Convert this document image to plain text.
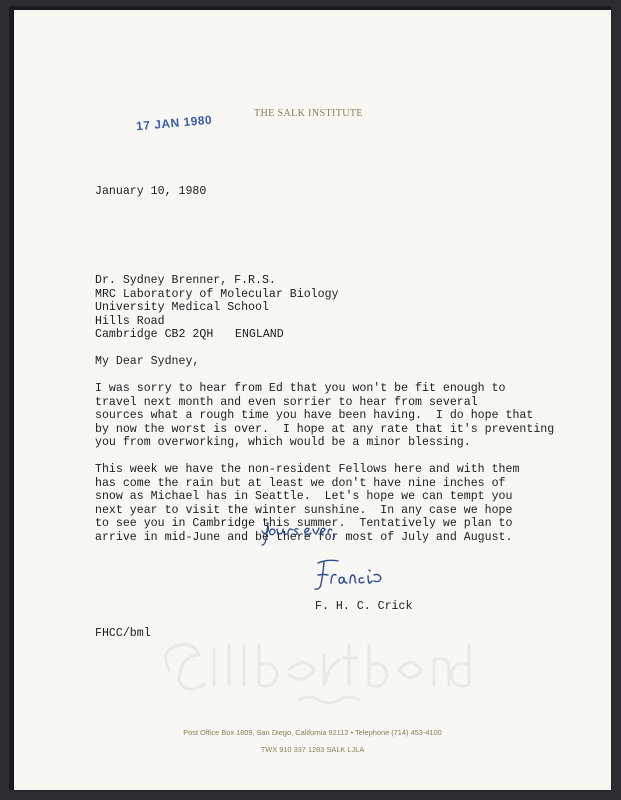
THE SALK INSTITUTE
17 JAN 1980
January 10, 1980
Dr. Sydney Brenner, F.R.S.
MRC Laboratory of Molecular Biology
University Medical School
Hills Road
Cambridge CB2 2QH ENGLAND
My Dear Sydney,
I was sorry to hear from Ed that you won't be fit enough to
travel next month and even sorrier to hear from several
sources what a rough time you have been having.  I do hope that
by now the worst is over.  I hope at any rate that it's preventing
you from overworking, which would be a minor blessing.
This week we have the non-resident Fellows here and with them
has come the rain but at least we don't have nine inches of
snow as Michael has in Seattle.  Let's hope we can tempt you
next year to visit the winter sunshine.  In any case we hope
to see you in Cambridge this summer.  Tentatively we plan to
arrive in mid-June and be there for most of July and August.
F. H. C. Crick
FHCC/bml
Post Office Box 1809, San Diego, California 92112 • Telephone (714) 453-4100
TWX 910 337 1283 SALK LJLA
